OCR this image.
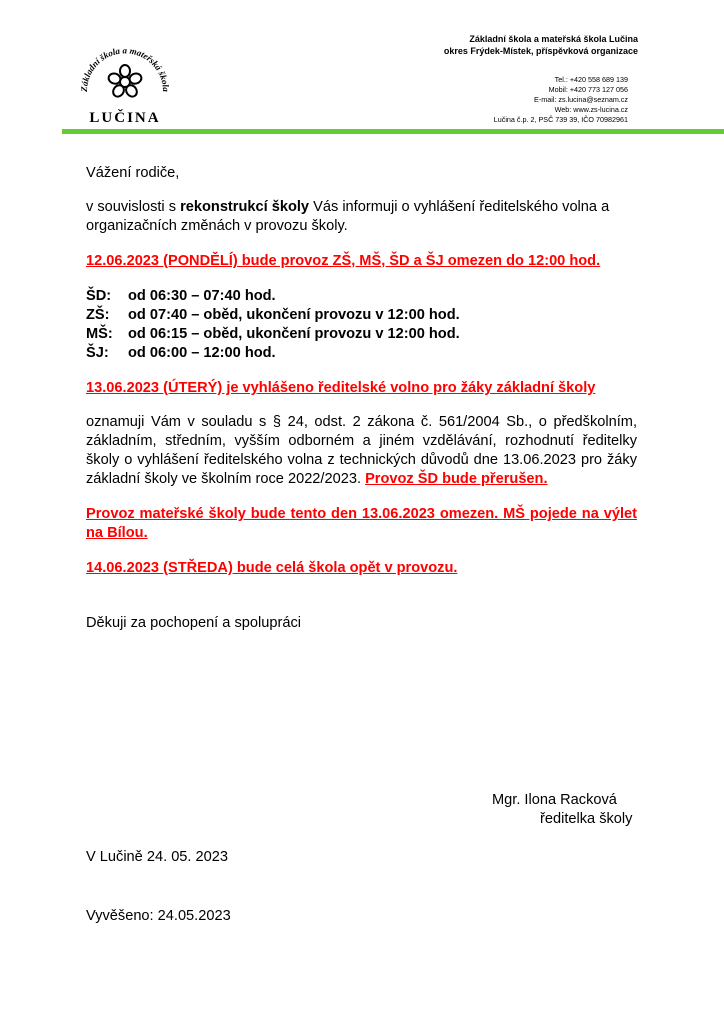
Základní škola a mateřská škola
LUČINA
Základní škola a mateřská škola Lučina
okres Frýdek-Místek, příspěvková organizace
Tel.: +420 558 689 139
Mobil: +420 773 127 056
E-mail: zs.lucina@seznam.cz
Web: www.zs-lucina.cz
Lučina č.p. 2, PSČ 739 39, IČO 70982961

Vážení rodiče,

v souvislosti s rekonstrukcí školy Vás informuji o vyhlášení ředitelského volna a organizačních změnách v provozu školy.

12.06.2023 (PONDĚLÍ) bude provoz ZŠ, MŠ, ŠD a ŠJ omezen do 12:00 hod.

ŠD:	od 06:30 – 07:40 hod.
ZŠ:	od 07:40 – oběd, ukončení provozu v 12:00 hod.
MŠ:	od 06:15 – oběd, ukončení provozu v 12:00 hod.
ŠJ:	od 06:00 – 12:00 hod.

13.06.2023 (ÚTERÝ) je vyhlášeno ředitelské volno pro žáky základní školy

oznamuji Vám v souladu s § 24, odst. 2 zákona č. 561/2004 Sb., o předškolním, základním, středním, vyšším odborném a jiném vzdělávání, rozhodnutí ředitelky školy o vyhlášení ředitelského volna z technických důvodů dne 13.06.2023 pro žáky základní školy ve školním roce 2022/2023. Provoz ŠD bude přerušen.

Provoz mateřské školy bude tento den 13.06.2023 omezen. MŠ pojede na výlet na Bílou.

14.06.2023 (STŘEDA) bude celá škola opět v provozu.

Děkuji za pochopení a spolupráci

Mgr. Ilona Racková
ředitelka školy
V Lučině 24. 05. 2023
Vyvěšeno: 24.05.2023
